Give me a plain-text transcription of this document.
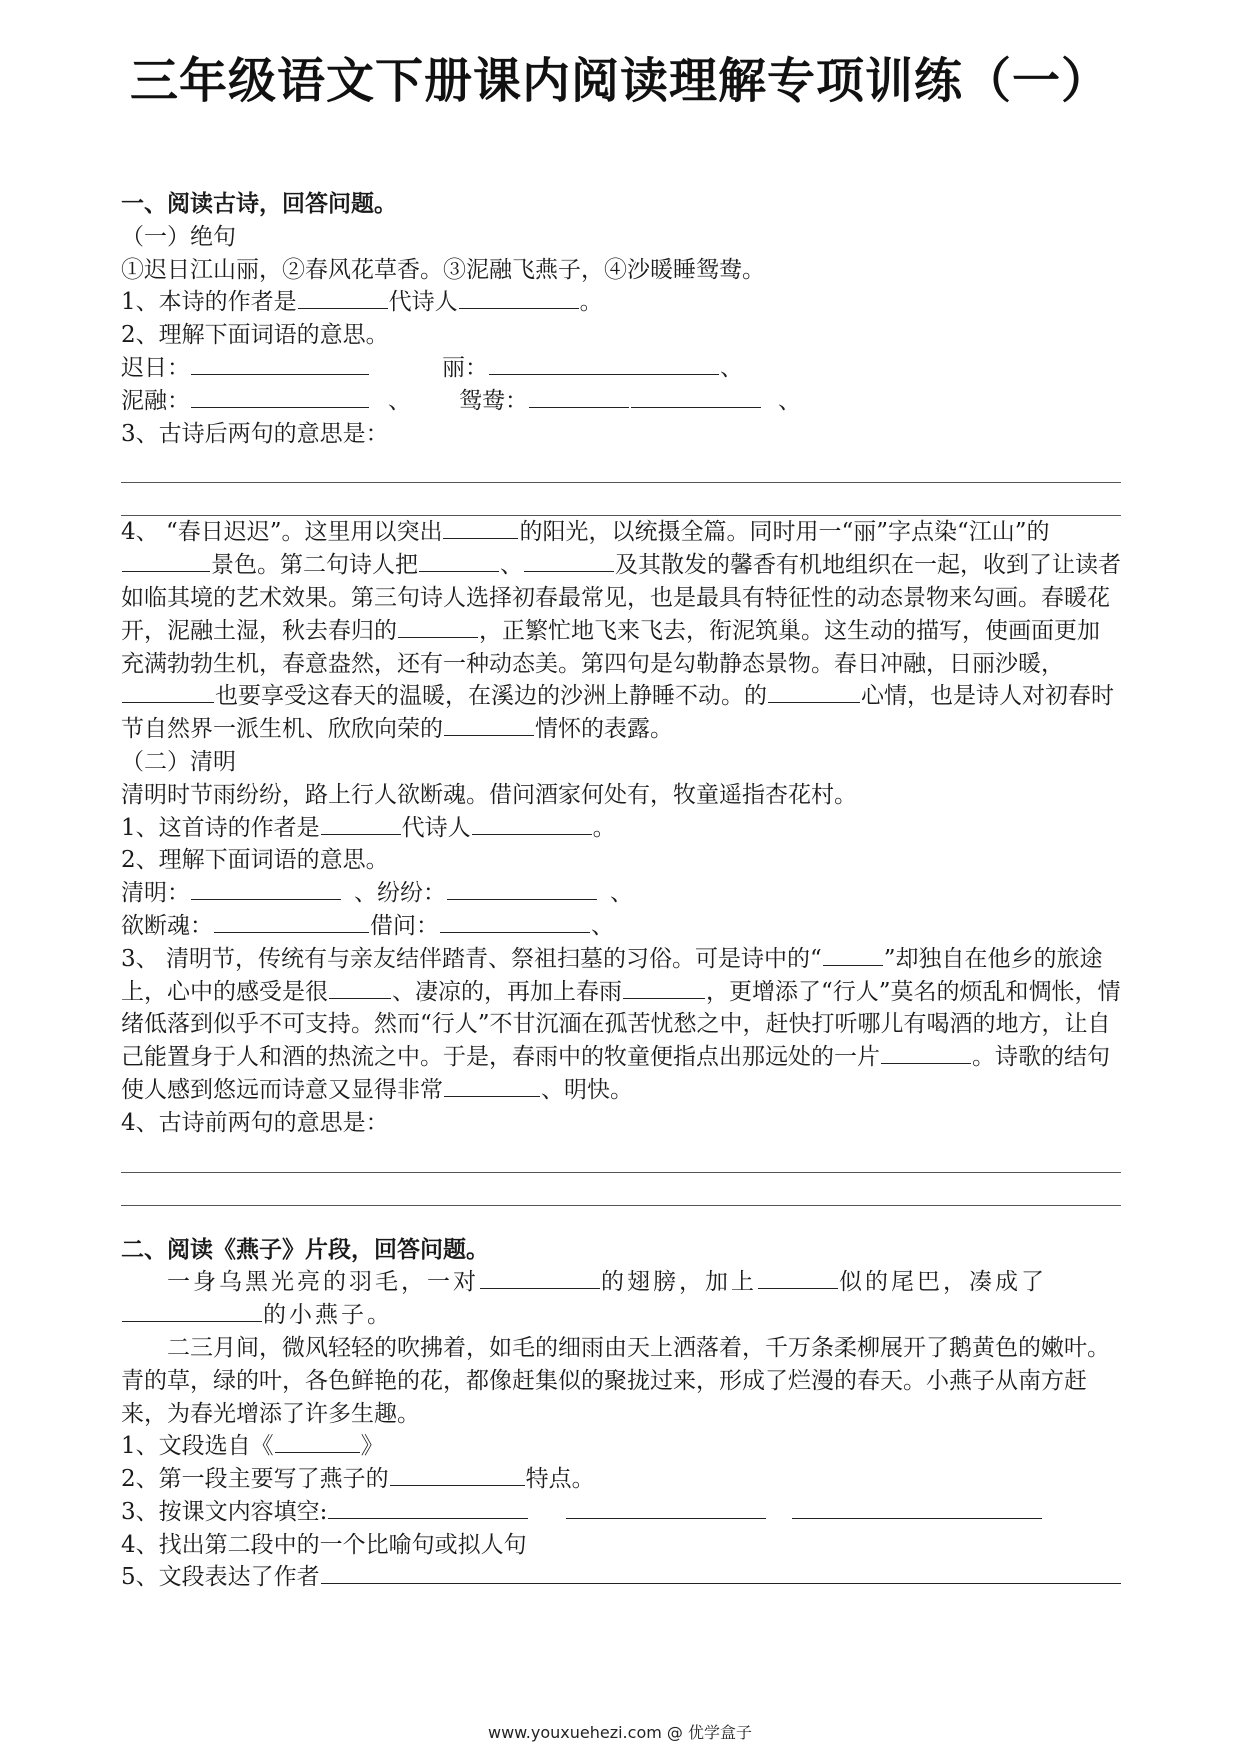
三年级语文下册课内阅读理解专项训练（一）
一、阅读古诗，回答问题。
（一）绝句
①迟日江山丽，②春风花草香。③泥融飞燕子，④沙暖睡鸳鸯。
1、本诗的作者是	代诗人	。
2、理解下面词语的意思。
迟日：	丽：	、
泥融：	、 鸳鸯：	、
3、古诗后两句的意思是：
4、 “春日迟迟”。这里用以突出	的阳光，以统摄全篇。同时用一“丽”字点染“江山”的景色。第二句诗人把	、	及其散发的馨香有机地组织在一起，收到了让读者如临其境的艺术效果。第三句诗人选择初春最常见，也是最具有特征性的动态景物来勾画。春暖花开，泥融土湿，秋去春归的	，正繁忙地飞来飞去，衔泥筑巢。这生动的描写，使画面更加充满勃勃生机，春意盎然，还有一种动态美。第四句是勾勒静态景物。春日冲融，日丽沙暖，也要享受这春天的温暖，在溪边的沙洲上静睡不动。的	心情，也是诗人对初春时节自然界一派生机、欣欣向荣的	情怀的表露。
（二）清明
清明时节雨纷纷，路上行人欲断魂。借问酒家何处有，牧童遥指杏花村。
1、这首诗的作者是	代诗人	。
2、理解下面词语的意思。
清明：	、纷纷：	、
欲断魂：	借问：	、
3、 清明节，传统有与亲友结伴踏青、祭祖扫墓的习俗。可是诗中的“	”却独自在他乡的旅途上，心中的感受是很	、凄凉的，再加上春雨	，更增添了“行人”莫名的烦乱和惆怅，情绪低落到似乎不可支持。然而“行人”不甘沉湎在孤苦忧愁之中，赶快打听哪儿有喝酒的地方，让自己能置身于人和酒的热流之中。于是，春雨中的牧童便指点出那远处的一片	。诗歌的结句使人感到悠远而诗意又显得非常	、明快。
4、古诗前两句的意思是：
二、阅读《燕子》片段，回答问题。
一身乌黑光亮的羽毛，一对	的翅膀，加上	似的尾巴，凑成了的小燕子。
二三月间，微风轻轻的吹拂着，如毛的细雨由天上洒落着，千万条柔柳展开了鹅黄色的嫩叶。青的草，绿的叶，各色鲜艳的花，都像赶集似的聚拢过来，形成了烂漫的春天。小燕子从南方赶来，为春光增添了许多生趣。
1、文段选自《	》
2、第一段主要写了燕子的	特点。
3、按课文内容填空:
4、找出第二段中的一个比喻句或拟人句
5、文段表达了作者
www.youxuehezi.com @ 优学盒子
